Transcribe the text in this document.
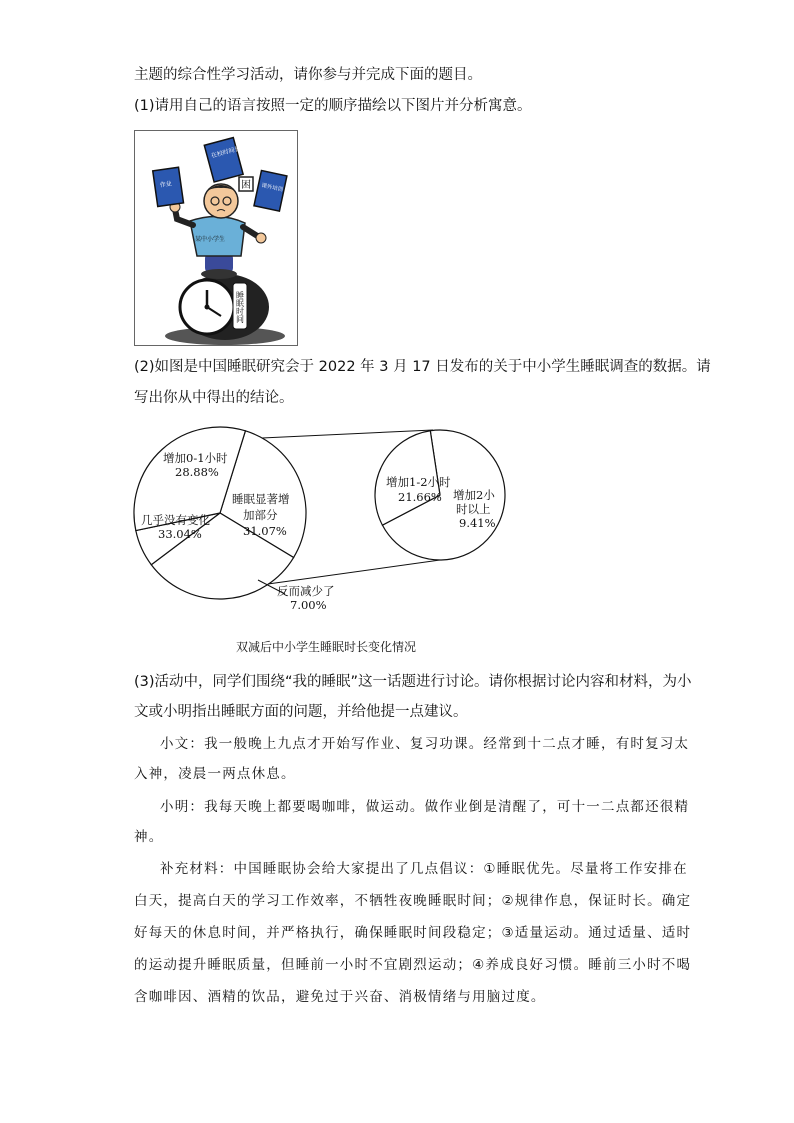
主题的综合性学习活动，请你参与并完成下面的题目。
(1)请用自己的语言按照一定的顺序描绘以下图片并分析寓意。
睡眠时间
某中小学生
困
在校时间长
作业	课外培训
(2)如图是中国睡眠研究会于 2022 年 3 月 17 日发布的关于中小学生睡眠调查的数据。请
写出你从中得出的结论。
增加0-1小时
28.88%
睡眠显著增
加部分
31.07%
几乎没有变化
33.04%
反而减少了
7.00%
增加1-2小时
21.66% 增加2小
时以上
9.41%
双减后中小学生睡眠时长变化情况
(3)活动中，同学们围绕“我的睡眠”这一话题进行讨论。请你根据讨论内容和材料，为小
文或小明指出睡眠方面的问题，并给他提一点建议。
小文：我一般晚上九点才开始写作业、复习功课。经常到十二点才睡，有时复习太
入神，凌晨一两点休息。
小明：我每天晚上都要喝咖啡，做运动。做作业倒是清醒了，可十一二点都还很精
神。
补充材料：中国睡眠协会给大家提出了几点倡议：①睡眠优先。尽量将工作安排在
白天，提高白天的学习工作效率，不牺牲夜晚睡眠时间；②规律作息，保证时长。确定
好每天的休息时间，并严格执行，确保睡眠时间段稳定；③适量运动。通过适量、适时
的运动提升睡眠质量，但睡前一小时不宜剧烈运动；④养成良好习惯。睡前三小时不喝
含咖啡因、酒精的饮品，避免过于兴奋、消极情绪与用脑过度。
